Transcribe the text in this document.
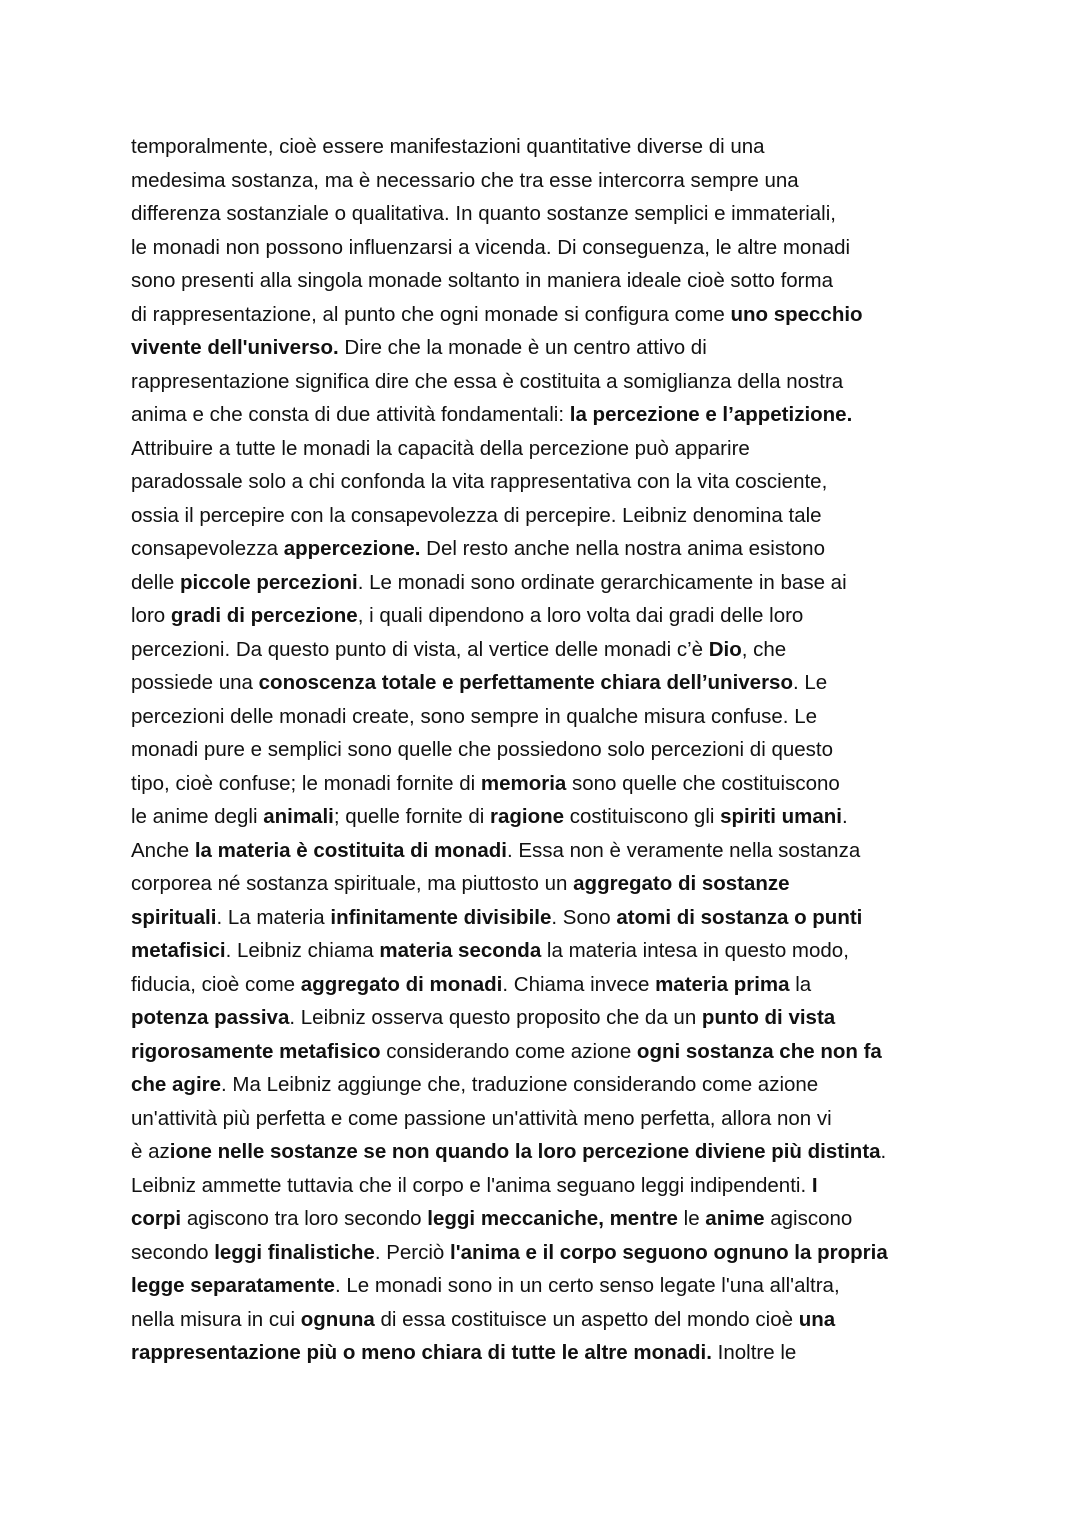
temporalmente, cioè essere manifestazioni quantitative diverse di una
medesima sostanza, ma è necessario che tra esse intercorra sempre una
differenza sostanziale o qualitativa. In quanto sostanze semplici e immateriali,
le monadi non possono influenzarsi a vicenda. Di conseguenza, le altre monadi
sono presenti alla singola monade soltanto in maniera ideale cioè sotto forma
di rappresentazione, al punto che ogni monade si configura come uno specchio
vivente dell'universo. Dire che la monade è un centro attivo di
rappresentazione significa dire che essa è costituita a somiglianza della nostra
anima e che consta di due attività fondamentali: la percezione e l’appetizione.
Attribuire a tutte le monadi la capacità della percezione può apparire
paradossale solo a chi confonda la vita rappresentativa con la vita cosciente,
ossia il percepire con la consapevolezza di percepire. Leibniz denomina tale
consapevolezza appercezione. Del resto anche nella nostra anima esistono
delle piccole percezioni. Le monadi sono ordinate gerarchicamente in base ai
loro gradi di percezione, i quali dipendono a loro volta dai gradi delle loro
percezioni. Da questo punto di vista, al vertice delle monadi c’è Dio, che
possiede una conoscenza totale e perfettamente chiara dell’universo. Le
percezioni delle monadi create, sono sempre in qualche misura confuse. Le
monadi pure e semplici sono quelle che possiedono solo percezioni di questo
tipo, cioè confuse; le monadi fornite di memoria sono quelle che costituiscono
le anime degli animali; quelle fornite di ragione costituiscono gli spiriti umani.
Anche la materia è costituita di monadi. Essa non è veramente nella sostanza
corporea né sostanza spirituale, ma piuttosto un aggregato di sostanze
spirituali. La materia infinitamente divisibile. Sono atomi di sostanza o punti
metafisici. Leibniz chiama materia seconda la materia intesa in questo modo,
fiducia, cioè come aggregato di monadi. Chiama invece materia prima la
potenza passiva. Leibniz osserva questo proposito che da un punto di vista
rigorosamente metafisico considerando come azione ogni sostanza che non fa
che agire. Ma Leibniz aggiunge che, traduzione considerando come azione
un'attività più perfetta e come passione un'attività meno perfetta, allora non vi
è azione nelle sostanze se non quando la loro percezione diviene più distinta.
Leibniz ammette tuttavia che il corpo e l'anima seguano leggi indipendenti. I
corpi agiscono tra loro secondo leggi meccaniche, mentre le anime agiscono
secondo leggi finalistiche. Perciò l'anima e il corpo seguono ognuno la propria
legge separatamente. Le monadi sono in un certo senso legate l'una all'altra,
nella misura in cui ognuna di essa costituisce un aspetto del mondo cioè una
rappresentazione più o meno chiara di tutte le altre monadi. Inoltre le
